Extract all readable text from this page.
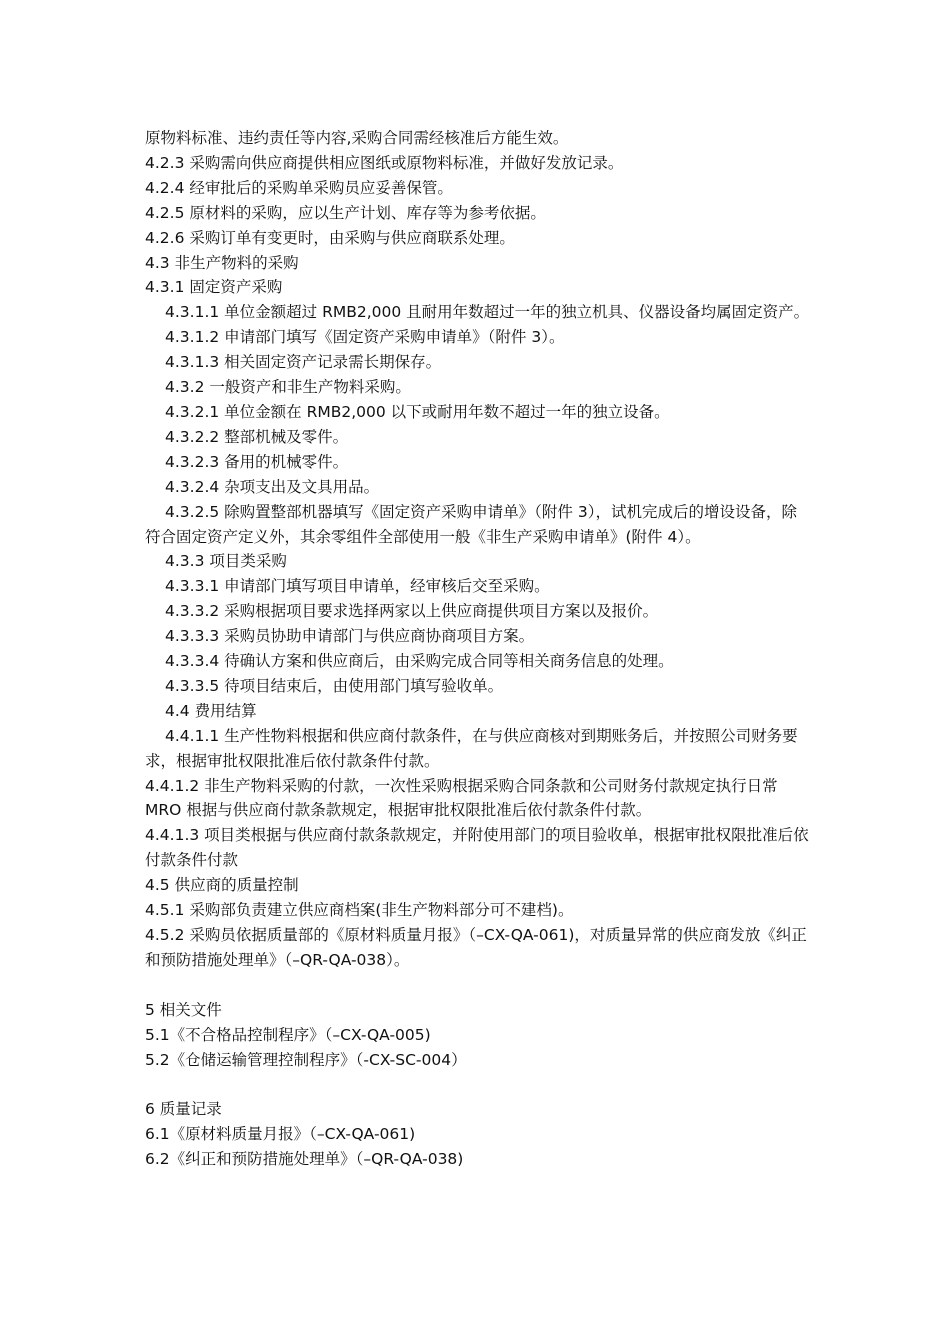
原物料标准、违约责任等内容,采购合同需经核准后方能生效。

4.2.3 采购需向供应商提供相应图纸或原物料标准，并做好发放记录。

4.2.4 经审批后的采购单采购员应妥善保管。

4.2.5 原材料的采购，应以生产计划、库存等为参考依据。

4.2.6 采购订单有变更时，由采购与供应商联系处理。

4.3 非生产物料的采购

4.3.1 固定资产采购

4.3.1.1 单位金额超过 RMB2,000 且耐用年数超过一年的独立机具、仪器设备均属固定资产。

4.3.1.2 申请部门填写《固定资产采购申请单》（附件 3）。

4.3.1.3 相关固定资产记录需长期保存。

4.3.2 一般资产和非生产物料采购。

4.3.2.1 单位金额在 RMB2,000 以下或耐用年数不超过一年的独立设备。

4.3.2.2 整部机械及零件。

4.3.2.3 备用的机械零件。

4.3.2.4 杂项支出及文具用品。

4.3.2.5 除购置整部机器填写《固定资产采购申请单》（附件 3），试机完成后的增设设备，除符合固定资产定义外，其余零组件全部使用一般《非生产采购申请单》(附件 4）。

4.3.3 项目类采购

4.3.3.1 申请部门填写项目申请单，经审核后交至采购。

4.3.3.2 采购根据项目要求选择两家以上供应商提供项目方案以及报价。

4.3.3.3 采购员协助申请部门与供应商协商项目方案。

4.3.3.4 待确认方案和供应商后，由采购完成合同等相关商务信息的处理。

4.3.3.5 待项目结束后，由使用部门填写验收单。

4.4 费用结算

4.4.1.1 生产性物料根据和供应商付款条件，在与供应商核对到期账务后，并按照公司财务要求，根据审批权限批准后依付款条件付款。

4.4.1.2 非生产物料采购的付款，一次性采购根据采购合同条款和公司财务付款规定执行日常 MRO 根据与供应商付款条款规定，根据审批权限批准后依付款条件付款。

4.4.1.3 项目类根据与供应商付款条款规定，并附使用部门的项目验收单，根据审批权限批准后依付款条件付款

4.5 供应商的质量控制

4.5.1 采购部负责建立供应商档案(非生产物料部分可不建档)。

4.5.2 采购员依据质量部的《原材料质量月报》（–CX-QA-061)，对质量异常的供应商发放《纠正和预防措施处理单》（–QR-QA-038）。

5 相关文件

5.1《不合格品控制程序》（–CX-QA-005)

5.2《仓储运输管理控制程序》（-CX-SC-004）

6 质量记录

6.1《原材料质量月报》（–CX-QA-061)

6.2《纠正和预防措施处理单》（–QR-QA-038)
